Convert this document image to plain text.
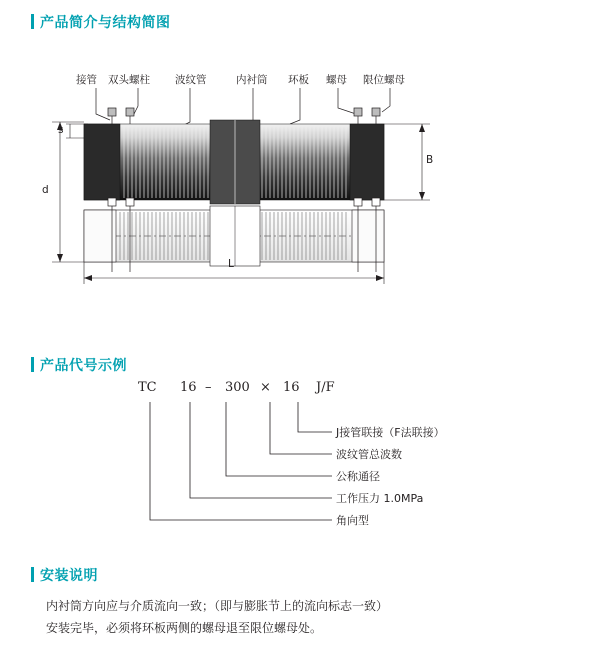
产品简介与结构简图
接管 双头螺柱 波纹管	内衬筒 环板 螺母 限位螺母
s
d
B
L
产品代号示例
TC 16 – 300 × 16 J/F
J接管联接（F法联接）
波纹管总波数
公称通径
工作压力 1.0MPa
角向型
安装说明

内衬筒方向应与介质流向一致；（即与膨胀节上的流向标志一致）

安装完毕，必须将环板两侧的螺母退至限位螺母处。
